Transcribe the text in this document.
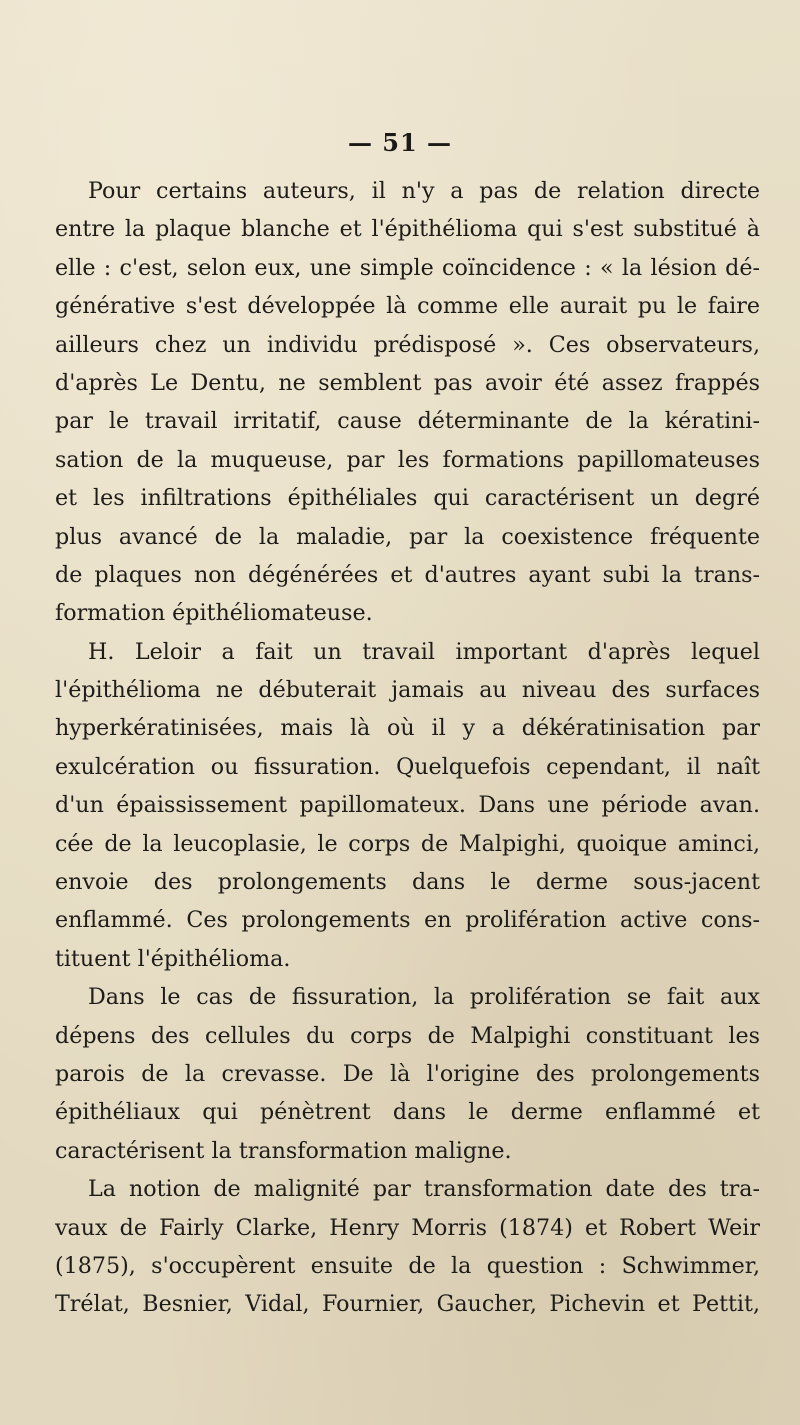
— 51 —
Pour certains auteurs, il n'y a pas de relation directe
entre la plaque blanche et l'épithélioma qui s'est substitué à
elle : c'est, selon eux, une simple coïncidence : « la lésion dé-
générative s'est développée là comme elle aurait pu le faire
ailleurs chez un individu prédisposé ». Ces observateurs,
d'après Le Dentu, ne semblent pas avoir été assez frappés
par le travail irritatif, cause déterminante de la kératini-
sation de la muqueuse, par les formations papillomateuses
et les infiltrations épithéliales qui caractérisent un degré
plus avancé de la maladie, par la coexistence fréquente
de plaques non dégénérées et d'autres ayant subi la trans-
formation épithéliomateuse.
H. Leloir a fait un travail important d'après lequel
l'épithélioma ne débuterait jamais au niveau des surfaces
hyperkératinisées, mais là où il y a dékératinisation par
exulcération ou fissuration. Quelquefois cependant, il naît
d'un épaississement papillomateux. Dans une période avan.
cée de la leucoplasie, le corps de Malpighi, quoique aminci,
envoie des prolongements dans le derme sous-jacent
enflammé. Ces prolongements en prolifération active cons-
tituent l'épithélioma.
Dans le cas de fissuration, la prolifération se fait aux
dépens des cellules du corps de Malpighi constituant les
parois de la crevasse. De là l'origine des prolongements
épithéliaux qui pénètrent dans le derme enflammé et
caractérisent la transformation maligne.
La notion de malignité par transformation date des tra-
vaux de Fairly Clarke, Henry Morris (1874) et Robert Weir
(1875), s'occupèrent ensuite de la question : Schwimmer,
Trélat, Besnier, Vidal, Fournier, Gaucher, Pichevin et Pettit,
